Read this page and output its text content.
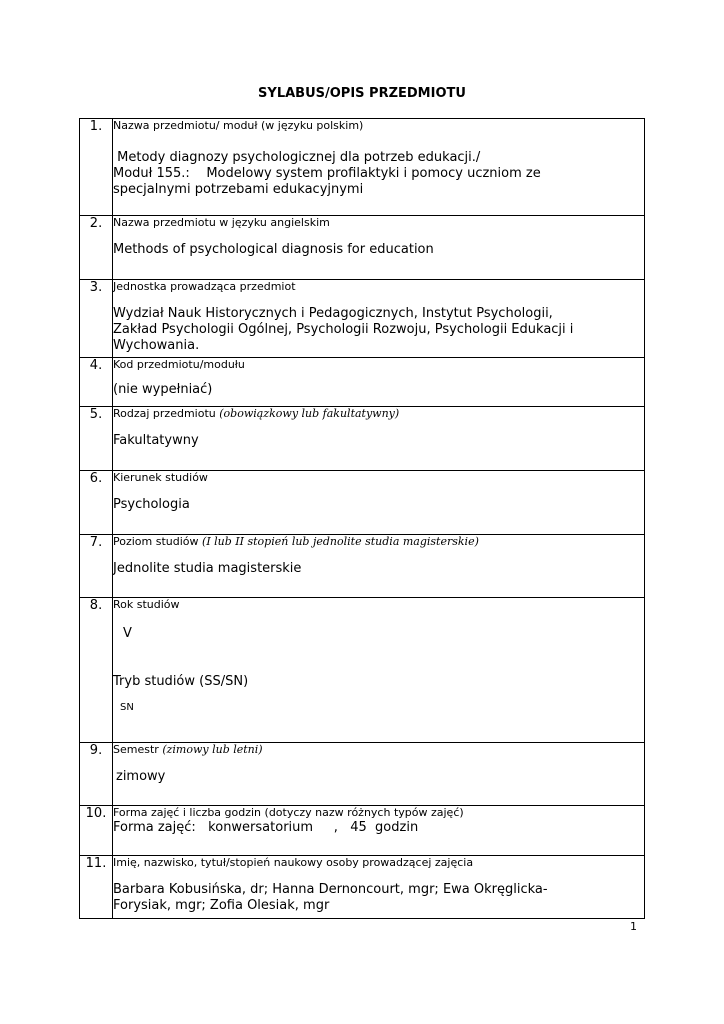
SYLABUS/OPIS PRZEDMIOTU
1.	Nazwa przedmiotu/ moduł (w języku polskim)
Metody diagnozy psychologicznej dla potrzeb edukacji./
Moduł 155.:    Modelowy system profilaktyki i pomocy uczniom ze
specjalnymi potrzebami edukacyjnymi

2.	Nazwa przedmiotu w języku angielskim
Methods of psychological diagnosis for education

3.	Jednostka prowadząca przedmiot
Wydział Nauk Historycznych i Pedagogicznych, Instytut Psychologii,
Zakład Psychologii Ogólnej, Psychologii Rozwoju, Psychologii Edukacji i
Wychowania.

4.	Kod przedmiotu/modułu
(nie wypełniać)

5.	Rodzaj przedmiotu (obowiązkowy lub fakultatywny)
Fakultatywny

6.	Kierunek studiów
Psychologia

7.	Poziom studiów (I lub II stopień lub jednolite studia magisterskie)
Jednolite studia magisterskie

8.	Rok studiów
V
Tryb studiów (SS/SN)
SN

9.	Semestr (zimowy lub letni)
zimowy

10.	Forma zajęć i liczba godzin (dotyczy nazw różnych typów zajęć)
Forma zajęć:   konwersatorium     ,   45  godzin

11.	Imię, nazwisko, tytuł/stopień naukowy osoby prowadzącej zajęcia
Barbara Kobusińska, dr; Hanna Dernoncourt, mgr; Ewa Okręglicka-
Forysiak, mgr; Zofia Olesiak, mgr
1
